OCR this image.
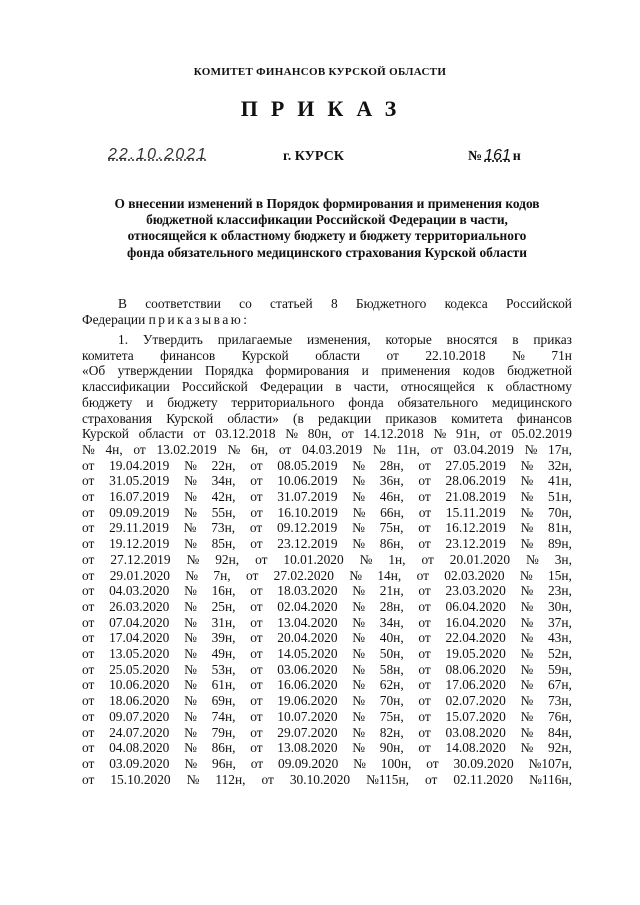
КОМИТЕТ ФИНАНСОВ КУРСКОЙ ОБЛАСТИ
ПРИКАЗ
22.10.2021	г. КУРСК	№ 161 н
О внесении изменений в Порядок формирования и применения кодов
бюджетной классификации Российской Федерации в части,
относящейся к областному бюджету и бюджету территориального
фонда обязательного медицинского страхования Курской области
В соответствии со статьей 8 Бюджетного кодекса Российской
Федерации
приказываю:
1. Утвердить прилагаемые изменения, которые вносятся в приказ
комитета финансов Курской области от 22.10.2018 № 71н
«Об утверждении Порядка формирования и применения кодов бюджетной
классификации Российской Федерации в части, относящейся к областному
бюджету и бюджету территориального фонда обязательного медицинского
страхования Курской области» (в редакции приказов комитета финансов
Курской области от 03.12.2018 № 80н, от 14.12.2018 № 91н, от 05.02.2019
№ 4н, от 13.02.2019 № 6н, от 04.03.2019 № 11н, от 03.04.2019 № 17н,
от 19.04.2019 № 22н, от 08.05.2019 № 28н, от 27.05.2019 № 32н,
от 31.05.2019 № 34н, от 10.06.2019 № 36н, от 28.06.2019 № 41н,
от 16.07.2019 № 42н, от 31.07.2019 № 46н, от 21.08.2019 № 51н,
от 09.09.2019 № 55н, от 16.10.2019 № 66н, от 15.11.2019 № 70н,
от 29.11.2019 № 73н, от 09.12.2019 № 75н, от 16.12.2019 № 81н,
от 19.12.2019 № 85н, от 23.12.2019 № 86н, от 23.12.2019 № 89н,
от 27.12.2019 № 92н, от 10.01.2020 № 1н, от 20.01.2020 № 3н,
от 29.01.2020 № 7н, от 27.02.2020 № 14н, от 02.03.2020 № 15н,
от 04.03.2020 № 16н, от 18.03.2020 № 21н, от 23.03.2020 № 23н,
от 26.03.2020 № 25н, от 02.04.2020 № 28н, от 06.04.2020 № 30н,
от 07.04.2020 № 31н, от 13.04.2020 № 34н, от 16.04.2020 № 37н,
от 17.04.2020 № 39н, от 20.04.2020 № 40н, от 22.04.2020 № 43н,
от 13.05.2020 № 49н, от 14.05.2020 № 50н, от 19.05.2020 № 52н,
от 25.05.2020 № 53н, от 03.06.2020 № 58н, от 08.06.2020 № 59н,
от 10.06.2020 № 61н, от 16.06.2020 № 62н, от 17.06.2020 № 67н,
от 18.06.2020 № 69н, от 19.06.2020 № 70н, от 02.07.2020 № 73н,
от 09.07.2020 № 74н, от 10.07.2020 № 75н, от 15.07.2020 № 76н,
от 24.07.2020 № 79н, от 29.07.2020 № 82н, от 03.08.2020 № 84н,
от 04.08.2020 № 86н, от 13.08.2020 № 90н, от 14.08.2020 № 92н,
от 03.09.2020 № 96н, от 09.09.2020 № 100н, от 30.09.2020 №107н,
от 15.10.2020 № 112н, от 30.10.2020 №115н, от 02.11.2020 №116н,
